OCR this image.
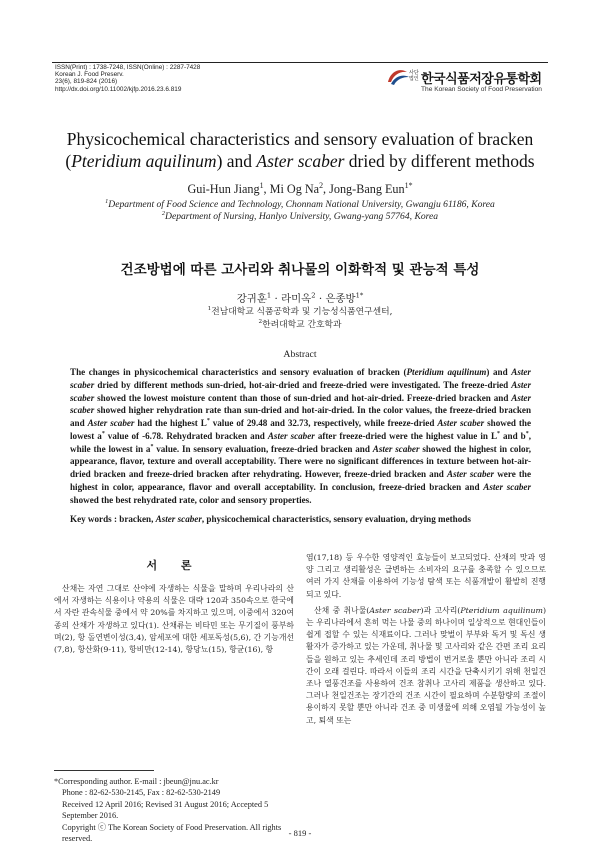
ISSN(Print) : 1738-7248, ISSN(Online) : 2287-7428
Korean J. Food Preserv.
23(6), 819-824 (2016)
http://dx.doi.org/10.11002/kjfp.2016.23.6.819
사단법인 한국식품저장유통학회
The Korean Society of Food Preservation
Physicochemical characteristics and sensory evaluation of bracken
(Pteridium aquilinum) and Aster scaber dried by different methods
Gui-Hun Jiang$^1$, Mi Og Na$^2$, Jong-Bang Eun$^{1*}$
$^1$Department of Food Science and Technology, Chonnam National University, Gwangju 61186, Korea
$^2$Department of Nursing, Hanlyo University, Gwang-yang 57764, Korea
건조방법에 따른 고사리와 취나물의 이화학적 및 관능적 특성
강귀훈$^1$ · 라미옥$^2$ · 은종방$^{1*}$
$^1$전남대학교 식품공학과 및 기능성식품연구센터,
$^2$한려대학교 간호학과
Abstract
The changes in physicochemical characteristics and sensory evaluation of bracken (Pteridium aquilinum) and Aster scaber dried by different methods sun-dried, hot-air-dried and freeze-dried were investigated. The freeze-dried Aster scaber showed the lowest moisture content than those of sun-dried and hot-air-dried. Freeze-dried bracken and Aster scaber showed higher rehydration rate than sun-dried and hot-air-dried. In the color values, the freeze-dried bracken and Aster scaber had the highest L* value of 29.48 and 32.73, respectively, while freeze-dried Aster scaber showed the lowest a* value of -6.78. Rehydrated bracken and Aster scaber after freeze-dried were the highest value in L* and b*, while the lowest in a* value. In sensory evaluation, freeze-dried bracken and Aster scaber showed the highest in color, appearance, flavor, texture and overall acceptability. There were no significant differences in texture between hot-air-dried bracken and freeze-dried bracken after rehydrating. However, freeze-dried bracken and Aster scaber were the highest in color, appearance, flavor and overall acceptability. In conclusion, freeze-dried bracken and Aster scaber showed the best rehydrated rate, color and sensory properties.
Key words : bracken, Aster scaber, physicochemical characteristics, sensory evaluation, drying methods
서 론

산채는 자연 그대로 산야에 자생하는 식물을 말하며 우리나라의 산에서 자생하는 식용이나 약용의 식물은 대략 120과 350속으로 한국에서 자란 관속식물 중에서 약 20%를 차지하고 있으며, 이중에서 320여종의 산채가 자생하고 있다(1). 산채류는 비타민 또는 무기질이 풍부하며(2), 항 돌연변이성(3,4), 암세포에 대한 세포독성(5,6), 간 기능개선(7,8), 항산화(9-11), 항비만(12-14), 항당뇨(15), 항균(16), 항

염(17,18) 등 우수한 영양적인 효능들이 보고되었다. 산채의 맛과 영양 그리고 생리활성은 급변하는 소비자의 요구를 충족할 수 있으므로 여러 가지 산채를 이용하여 기능성 탐색 또는 식품개발이 활발히 진행되고 있다.

산채 중 취나물(Aster scaber)과 고사리(Pteridium aquilinum)는 우리나라에서 흔히 먹는 나물 중의 하나이며 일상적으로 현대인들이 쉽게 접할 수 있는 식재료이다. 그러나 맞벌이 부부와 독거 및 독신 생활자가 증가하고 있는 가운데, 취나물 및 고사리와 같은 간편 조리 요리들을 원하고 있는 추세인데 조리 방법이 번거로울 뿐만 아니라 조리 시간이 오래 걸린다. 따라서 이들의 조리 시간을 단축시키기 위해 천일건조나 열풍건조를 사용하여 건조 참취나 고사리 제품을 생산하고 있다. 그러나 천일건조는 장기간의 건조 시간이 필요하며 수분함량의 조절이 용이하지 못할 뿐만 아니라 건조 중 미생물에 의해 오염될 가능성이 높고, 퇴색 또는

*Corresponding author. E-mail : jbeun@jnu.ac.kr
Phone : 82-62-530-2145, Fax : 82-62-530-2149
Received 12 April 2016; Revised 31 August 2016; Accepted 5 September 2016.
Copyright ⓒ The Korean Society of Food Preservation. All rights reserved.
- 819 -
